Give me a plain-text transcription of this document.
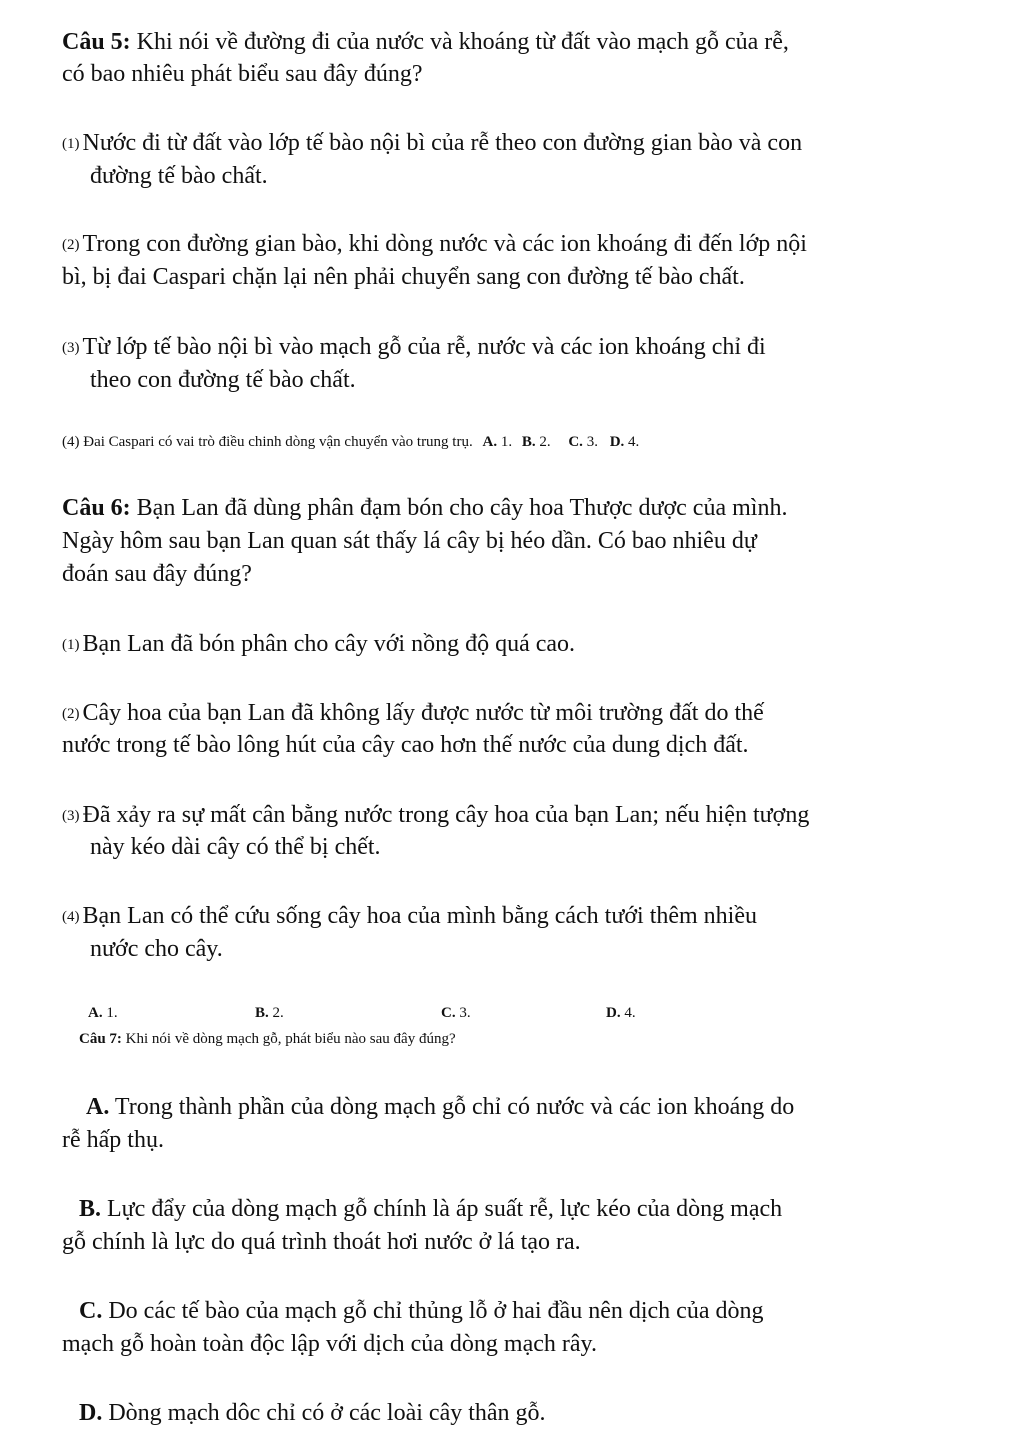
Câu 5: Khi nói về đường đi của nước và khoáng từ đất vào mạch gỗ của rễ,
có bao nhiêu phát biểu sau đây đúng?
(1) Nước đi từ đất vào lớp tế bào nội bì của rễ theo con đường gian bào và con
đường tế bào chất.
(2) Trong con đường gian bào, khi dòng nước và các ion khoáng đi đến lớp nội
bì, bị đai Caspari chặn lại nên phải chuyển sang con đường tế bào chất.
(3) Từ lớp tế bào nội bì vào mạch gỗ của rễ, nước và các ion khoáng chỉ đi
theo con đường tế bào chất.
(4) Đai Caspari có vai trò điều chinh dòng vận chuyển vào trung trụ. A. 1. B. 2. C. 3. D. 4.
Câu 6: Bạn Lan đã dùng phân đạm bón cho cây hoa Thược dược của mình.
Ngày hôm sau bạn Lan quan sát thấy lá cây bị héo dần. Có bao nhiêu dự
đoán sau đây đúng?
(1) Bạn Lan đã bón phân cho cây với nồng độ quá cao.
(2) Cây hoa của bạn Lan đã không lấy được nước từ môi trường đất do thế
nước trong tế bào lông hút của cây cao hơn thế nước của dung dịch đất.
(3) Đã xảy ra sự mất cân bằng nước trong cây hoa của bạn Lan; nếu hiện tượng
này kéo dài cây có thể bị chết.
(4) Bạn Lan có thể cứu sống cây hoa của mình bằng cách tưới thêm nhiều
nước cho cây.
A. 1.	B. 2.	C. 3.	D. 4.
Câu 7: Khi nói về dòng mạch gỗ, phát biểu nào sau đây đúng?
A. Trong thành phần của dòng mạch gỗ chỉ có nước và các ion khoáng do
rễ hấp thụ.
B. Lực đẩy của dòng mạch gỗ chính là áp suất rễ, lực kéo của dòng mạch
gỗ chính là lực do quá trình thoát hơi nước ở lá tạo ra.
C. Do các tế bào của mạch gỗ chỉ thủng lỗ ở hai đầu nên dịch của dòng
mạch gỗ hoàn toàn độc lập với dịch của dòng mạch rây.
D. Dòng mạch dôc chỉ có ở các loài cây thân gỗ.
